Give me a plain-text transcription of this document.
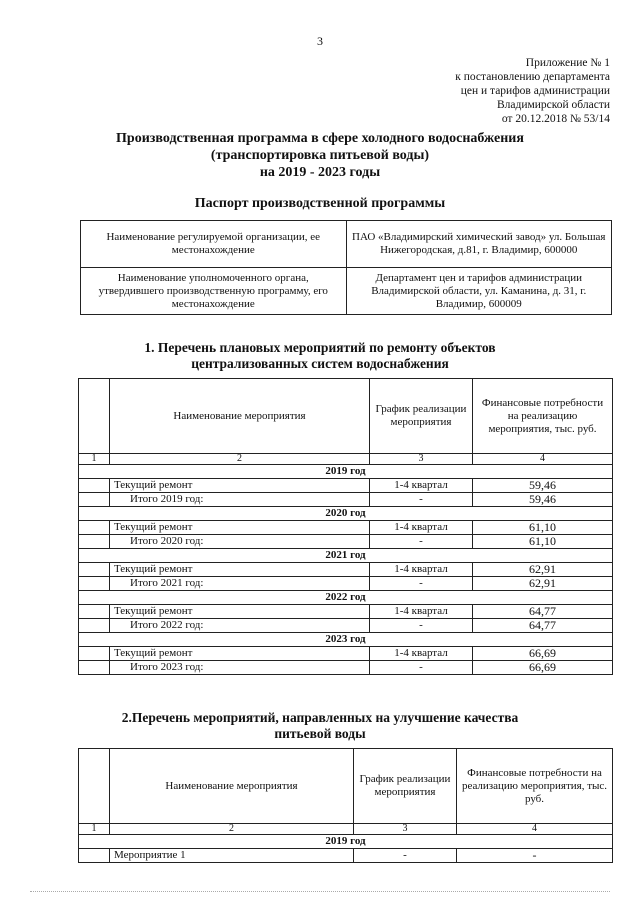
3
Приложение № 1
к постановлению департамента
цен и тарифов администрации
Владимирской области
от 20.12.2018 № 53/14
Производственная программа в сфере холодного водоснабжения
(транспортировка питьевой воды)
на 2019 - 2023 годы
Паспорт производственной программы
Наименование регулируемой организации, ее местонахождение	ПАО «Владимирский химический завод» ул. Большая Нижегородская, д.81, г. Владимир, 600000
Наименование уполномоченного органа, утвердившего производственную программу, его местонахождение	Департамент цен и тарифов администрации Владимирской области, ул. Каманина, д. 31, г. Владимир, 600009
1. Перечень плановых мероприятий по ремонту объектов
централизованных систем водоснабжения
	Наименование мероприятия	График реализации мероприятия	Финансовые потребности на реализацию мероприятия, тыс. руб.
1	2	3	4
2019 год			
	Текущий ремонт	1-4 квартал	59,46
	Итого 2019 год:	-	59,46
2020 год			
	Текущий ремонт	1-4 квартал	61,10
	Итого 2020 год:	-	61,10
2021 год			
	Текущий ремонт	1-4 квартал	62,91
	Итого 2021 год:	-	62,91
2022 год			
	Текущий ремонт	1-4 квартал	64,77
	Итого 2022 год:	-	64,77
2023 год			
	Текущий ремонт	1-4 квартал	66,69
	Итого 2023 год:	-	66,69
2.Перечень мероприятий, направленных на улучшение качества
питьевой воды
	Наименование мероприятия	График реализации мероприятия	Финансовые потребности на реализацию мероприятия, тыс. руб.
1	2	3	4
2019 год			
	Мероприятие 1	-	-
